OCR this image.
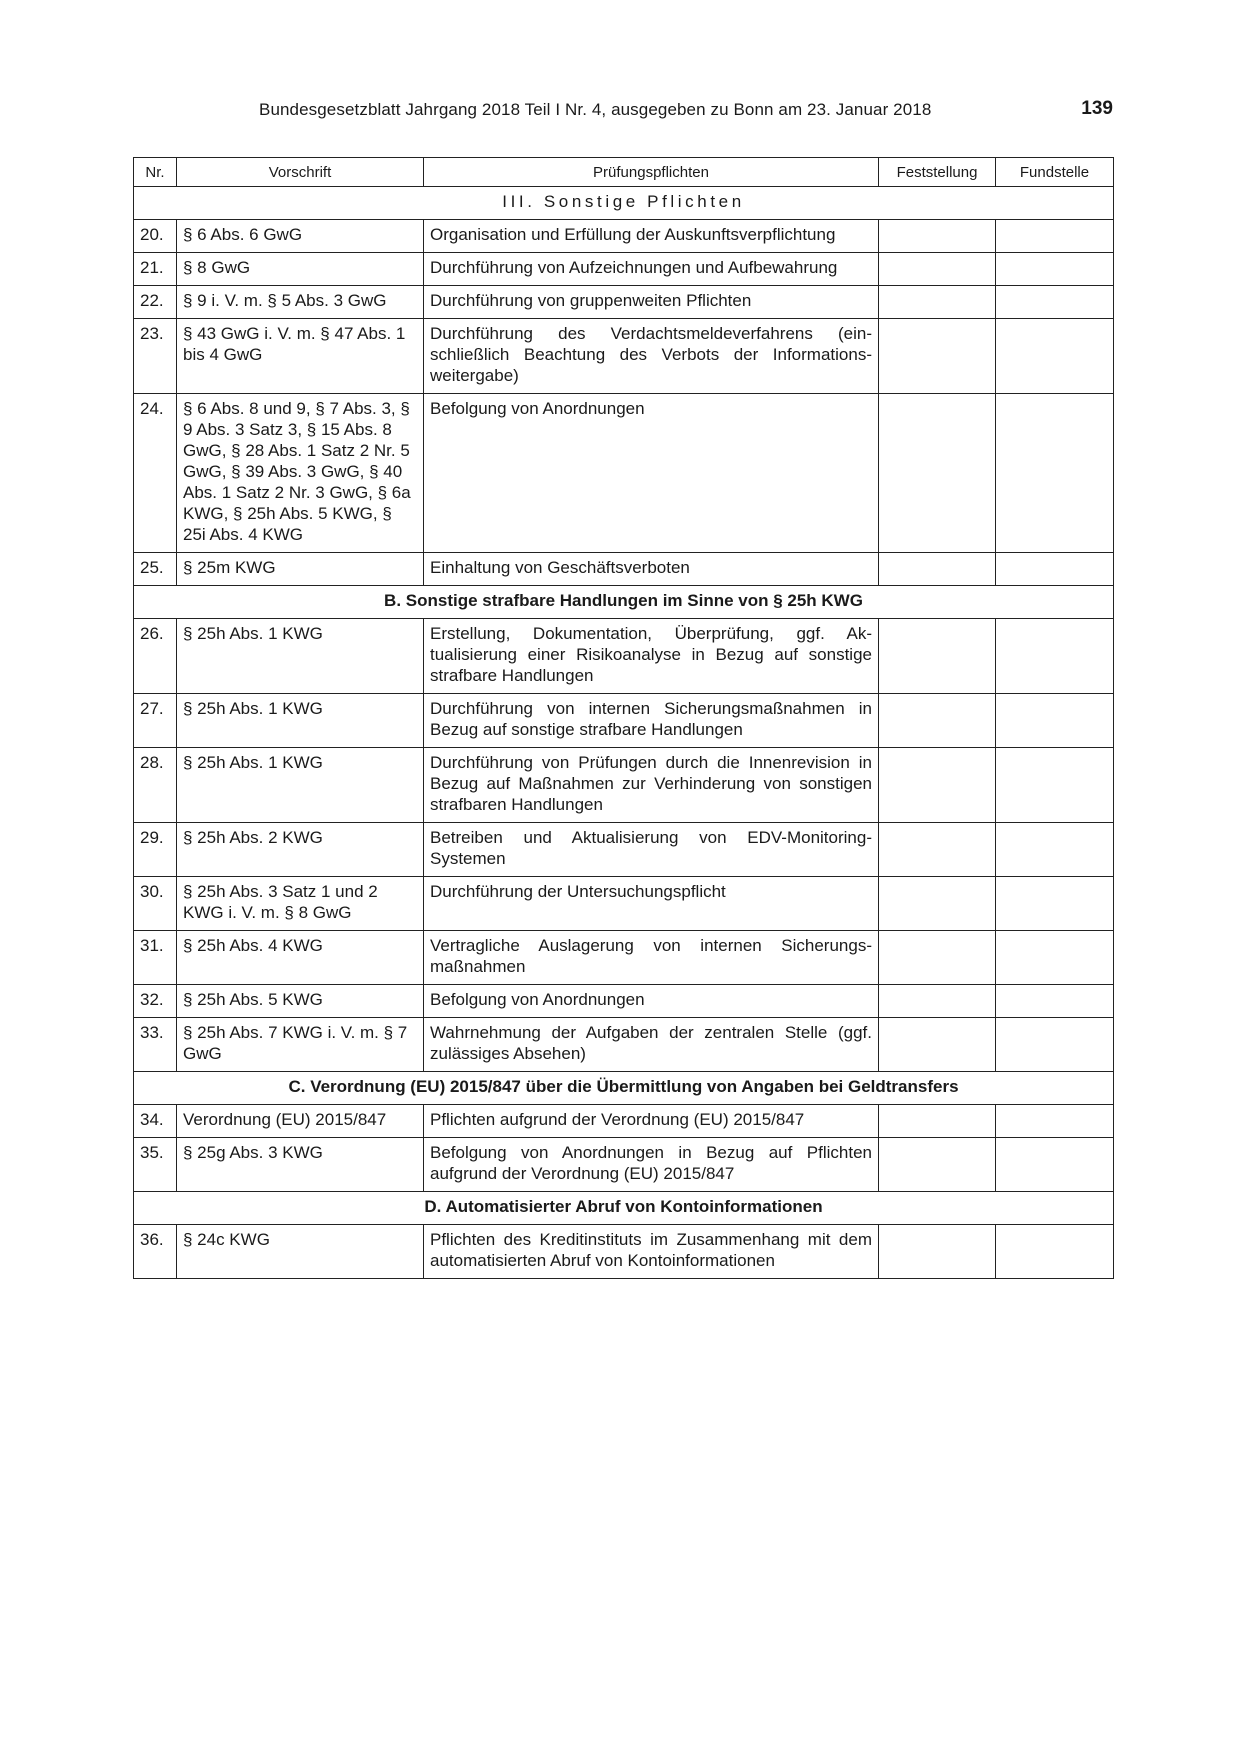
Bundesgesetzblatt Jahrgang 2018 Teil I Nr. 4, ausgegeben zu Bonn am 23. Januar 2018	139
Nr.	Vorschrift	Prüfungspflichten	Feststellung	Fundstelle
III. Sonstige Pflichten				
20.	§ 6 Abs. 6 GwG	Organisation und Erfüllung der Auskunftsverpflichtung		
21.	§ 8 GwG	Durchführung von Aufzeichnungen und Aufbewahrung		
22.	§ 9 i. V. m. § 5 Abs. 3 GwG	Durchführung von gruppenweiten Pflichten		
23.	§ 43 GwG i. V. m. § 47 Abs. 1 bis 4 GwG	Durchführung des Verdachtsmeldeverfahrens (einschließlich Beachtung des Verbots der Informationsweitergabe)		
24.	§ 6 Abs. 8 und 9, § 7 Abs. 3, § 9 Abs. 3 Satz 3, § 15 Abs. 8 GwG, § 28 Abs. 1 Satz 2 Nr. 5 GwG, § 39 Abs. 3 GwG, § 40 Abs. 1 Satz 2 Nr. 3 GwG, § 6a KWG, § 25h Abs. 5 KWG, § 25i Abs. 4 KWG	Befolgung von Anordnungen		
25.	§ 25m KWG	Einhaltung von Geschäftsverboten		
B. Sonstige strafbare Handlungen im Sinne von § 25h KWG				
26.	§ 25h Abs. 1 KWG	Erstellung, Dokumentation, Überprüfung, ggf. Aktualisierung einer Risikoanalyse in Bezug auf sonstige strafbare Handlungen		
27.	§ 25h Abs. 1 KWG	Durchführung von internen Sicherungsmaßnahmen in Bezug auf sonstige strafbare Handlungen		
28.	§ 25h Abs. 1 KWG	Durchführung von Prüfungen durch die Innenrevision in Bezug auf Maßnahmen zur Verhinderung von sonstigen strafbaren Handlungen		
29.	§ 25h Abs. 2 KWG	Betreiben und Aktualisierung von EDV-Monitoring-Systemen		
30.	§ 25h Abs. 3 Satz 1 und 2 KWG i. V. m. § 8 GwG	Durchführung der Untersuchungspflicht		
31.	§ 25h Abs. 4 KWG	Vertragliche Auslagerung von internen Sicherungsmaßnahmen		
32.	§ 25h Abs. 5 KWG	Befolgung von Anordnungen		
33.	§ 25h Abs. 7 KWG i. V. m. § 7 GwG	Wahrnehmung der Aufgaben der zentralen Stelle (ggf. zulässiges Absehen)		
C. Verordnung (EU) 2015/847 über die Übermittlung von Angaben bei Geldtransfers				
34.	Verordnung (EU) 2015/847	Pflichten aufgrund der Verordnung (EU) 2015/847		
35.	§ 25g Abs. 3 KWG	Befolgung von Anordnungen in Bezug auf Pflichten aufgrund der Verordnung (EU) 2015/847		
D. Automatisierter Abruf von Kontoinformationen				
36.	§ 24c KWG	Pflichten des Kreditinstituts im Zusammenhang mit dem automatisierten Abruf von Kontoinformationen		
